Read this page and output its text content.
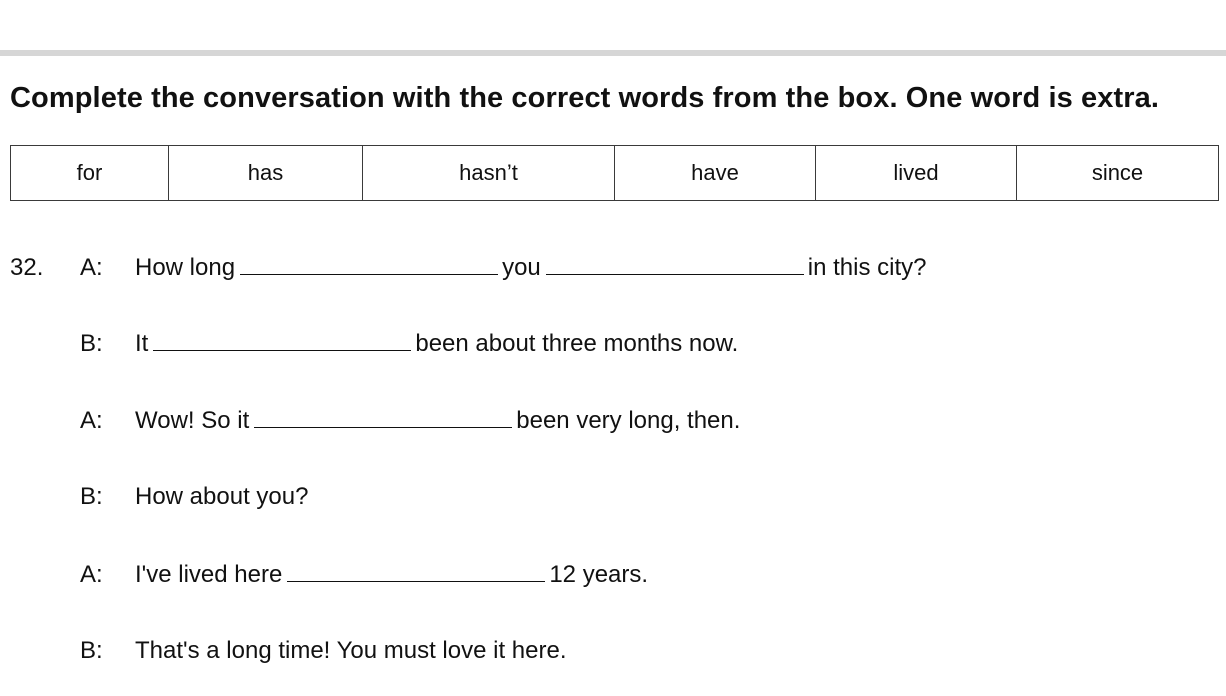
Complete the conversation with the correct words from the box. One word is extra.
for	has	hasn’t	have	lived	since
32. A: How long	you	in this city?
B: It	been about three months now.
A: Wow! So it	been very long, then.
B: How about you?
A: I've lived here	12 years.
B: That's a long time! You must love it here.
